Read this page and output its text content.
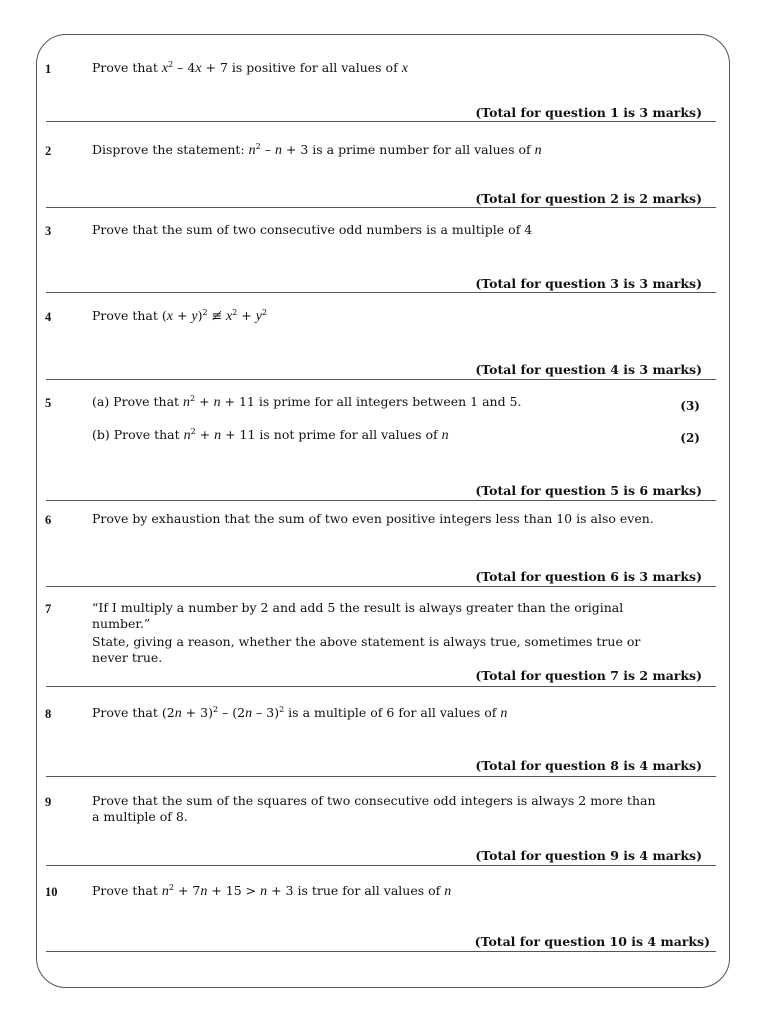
1	Prove that $x^2 - 4x + 7$ is positive for all values of x
(Total for question 1 is 3 marks)
2	Disprove the statement: $n^2 - n + 3$ is a prime number for all values of n
(Total for question 2 is 2 marks)
3	Prove that the sum of two consecutive odd numbers is a multiple of 4
(Total for question 3 is 3 marks)
4	Prove that $(x + y)^2$ ≢ $x^2 + y^2$
(Total for question 4 is 3 marks)
5	(a) Prove that $n^2 + n + 11$ is prime for all integers between 1 and 5.	(3)
(b) Prove that $n^2 + n + 11$ is not prime for all values of n	(2)
(Total for question 5 is 6 marks)
6	Prove by exhaustion that the sum of two even positive integers less than 10 is also even.
(Total for question 6 is 3 marks)
7	“If I multiply a number by 2 and add 5 the result is always greater than the original number.”
State, giving a reason, whether the above statement is always true, sometimes true or never true.
(Total for question 7 is 2 marks)
8	Prove that $(2n + 3)^2 - (2n - 3)^2$ is a multiple of 6 for all values of n
(Total for question 8 is 4 marks)
9	Prove that the sum of the squares of two consecutive odd integers is always 2 more than a multiple of 8.
(Total for question 9 is 4 marks)
10	Prove that $n^2 + 7n + 15 > n + 3$ is true for all values of n
(Total for question 10 is 4 marks)
